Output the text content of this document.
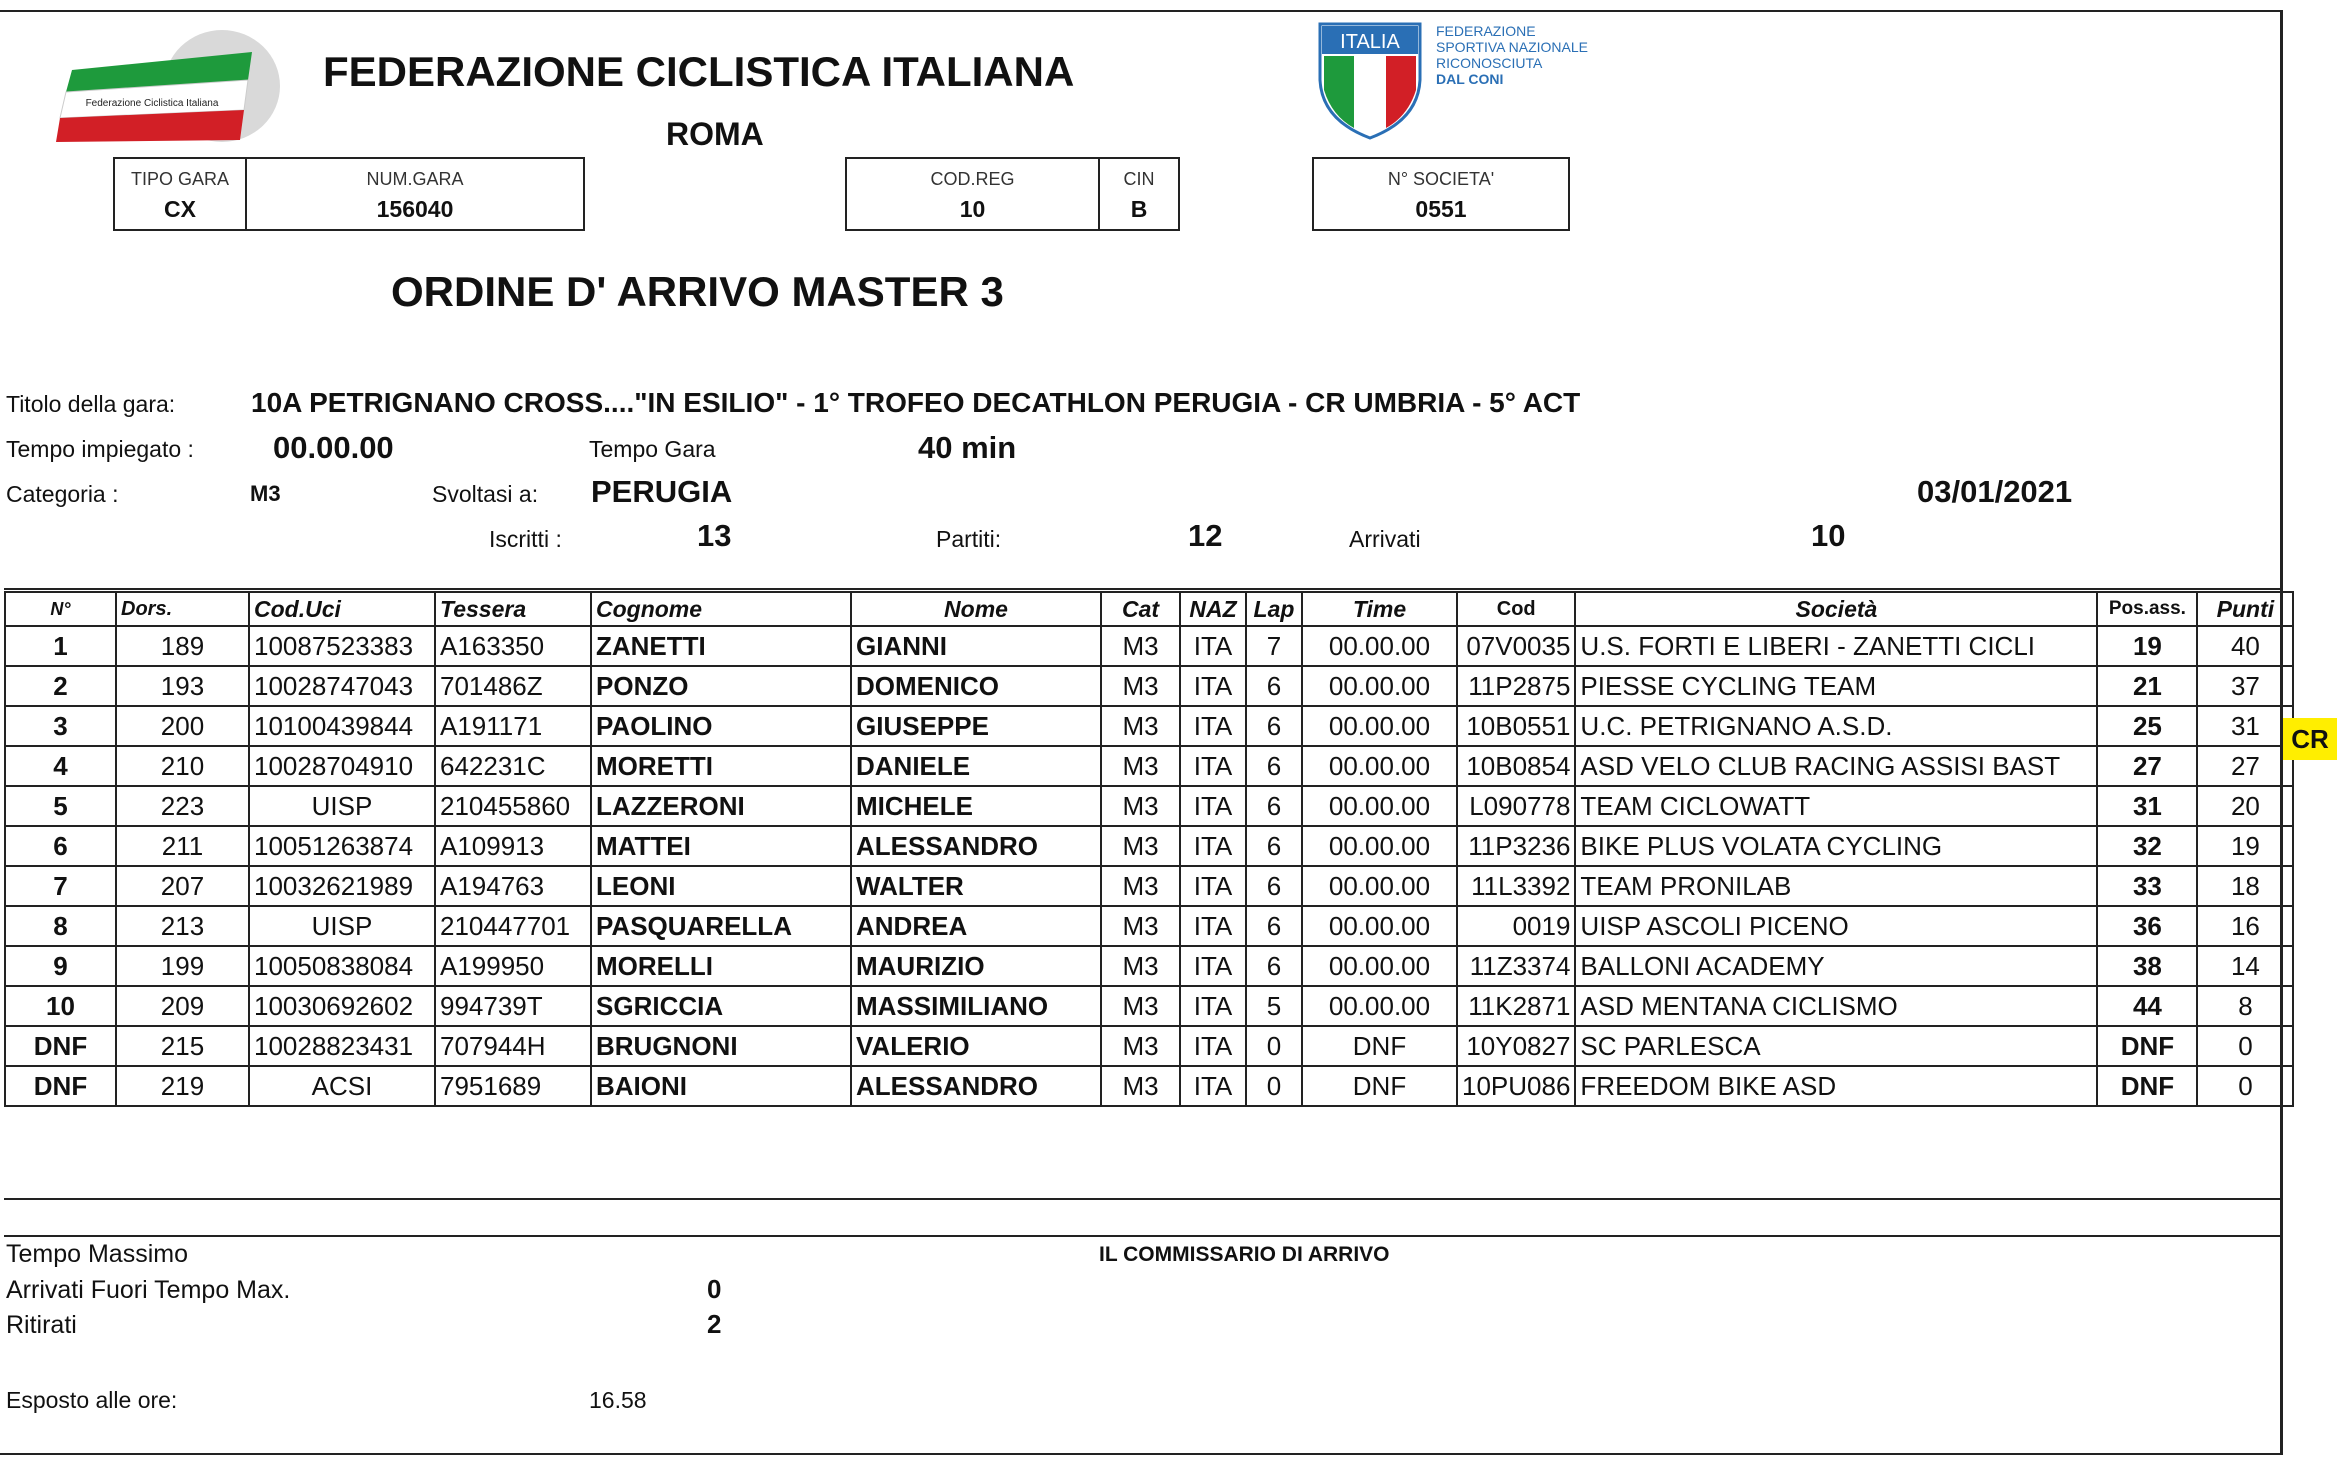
Federazione Ciclistica Italiana
FEDERAZIONE CICLISTICA ITALIANA
ROMA
ITALIA	FEDERAZIONE
SPORTIVA NAZIONALE
RICONOSCIUTA
DAL CONI
TIPO GARA
CX
NUM.GARA
156040
COD.REG
10
CIN
B
N° SOCIETA'
0551
ORDINE D' ARRIVO MASTER 3
Titolo della gara:	10A PETRIGNANO CROSS...."IN ESILIO" - 1° TROFEO DECATHLON PERUGIA - CR UMBRIA - 5° ACT
Tempo impiegato :	00.00.00	Tempo Gara	40 min
Categoria :	M3	Svoltasi a: PERUGIA	03/01/2021
Iscritti :	13	Partiti:	12	Arrivati	10
N°	Dors.	Cod.Uci	Tessera	Cognome	Nome	Cat	NAZ	Lap	Time	Cod	Società	Pos.ass.	Punti
1	189	10087523383	A163350	ZANETTI	GIANNI	M3	ITA	7	00.00.00	07V0035	U.S. FORTI E LIBERI - ZANETTI CICLI	19	40
2	193	10028747043	701486Z	PONZO	DOMENICO	M3	ITA	6	00.00.00	11P2875	PIESSE CYCLING TEAM	21	37
3	200	10100439844	A191171	PAOLINO	GIUSEPPE	M3	ITA	6	00.00.00	10B0551	U.C. PETRIGNANO A.S.D.	25	31
4	210	10028704910	642231C	MORETTI	DANIELE	M3	ITA	6	00.00.00	10B0854	ASD VELO CLUB RACING ASSISI BAST	27	27
5	223	UISP	210455860	LAZZERONI	MICHELE	M3	ITA	6	00.00.00	L090778	TEAM CICLOWATT	31	20
6	211	10051263874	A109913	MATTEI	ALESSANDRO	M3	ITA	6	00.00.00	11P3236	BIKE PLUS VOLATA CYCLING	32	19
7	207	10032621989	A194763	LEONI	WALTER	M3	ITA	6	00.00.00	11L3392	TEAM PRONILAB	33	18
8	213	UISP	210447701	PASQUARELLA	ANDREA	M3	ITA	6	00.00.00	0019	UISP ASCOLI PICENO	36	16
9	199	10050838084	A199950	MORELLI	MAURIZIO	M3	ITA	6	00.00.00	11Z3374	BALLONI ACADEMY	38	14
10	209	10030692602	994739T	SGRICCIA	MASSIMILIANO	M3	ITA	5	00.00.00	11K2871	ASD MENTANA CICLISMO	44	8
DNF	215	10028823431	707944H	BRUGNONI	VALERIO	M3	ITA	0	DNF	10Y0827	SC PARLESCA	DNF	0
DNF	219	ACSI	7951689	BAIONI	ALESSANDRO	M3	ITA	0	DNF	10PU086	FREEDOM BIKE ASD	DNF	0
CR
Tempo Massimo
Arrivati Fuori Tempo Max.	0
Ritirati	2
IL COMMISSARIO DI ARRIVO
Esposto alle ore:	16.58
